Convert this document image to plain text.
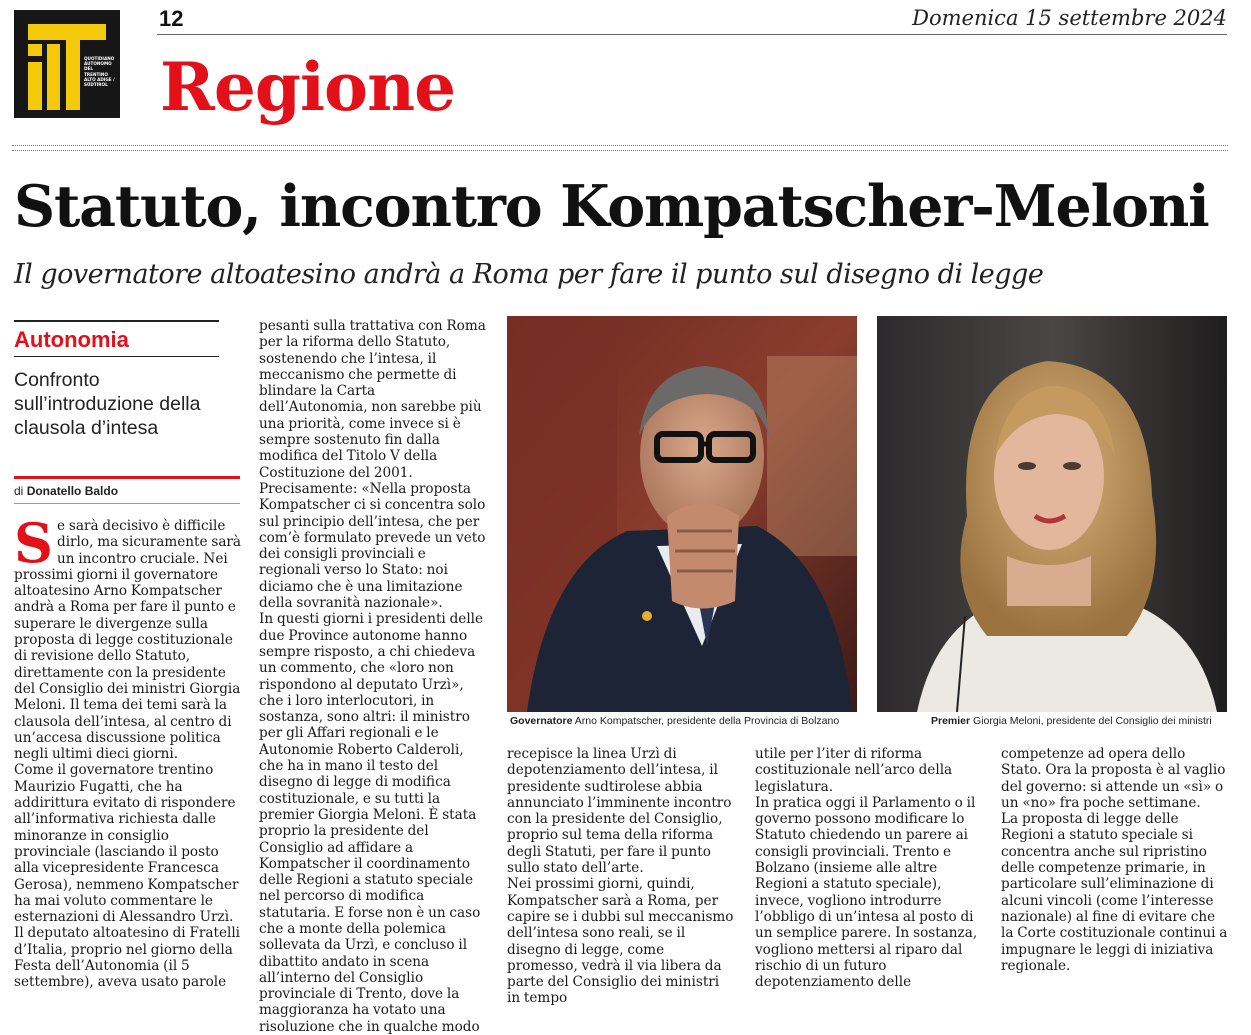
QUOTIDIANO AUTONOMO DEL TRENTINO ALTO ADIGE / SÜDTIROL
12	Domenica 15 settembre 2024
Regione
Statuto, incontro Kompatscher-Meloni
Il governatore altoatesino andrà a Roma per fare il punto sul disegno di legge
Autonomia
Confronto sull’introduzione della clausola d’intesa
di Donatello Baldo

Se sarà decisivo è difficile dirlo, ma sicuramente sarà un incontro cruciale. Nei prossimi giorni il governatore altoatesino Arno Kompatscher andrà a Roma per fare il punto e superare le divergenze sulla proposta di legge costituzionale di revisione dello Statuto, direttamente con la presidente del Consiglio dei ministri Giorgia Meloni. Il tema dei temi sarà la clausola dell’intesa, al centro di un’accesa discussione politica negli ultimi dieci giorni.

Come il governatore trentino Maurizio Fugatti, che ha addirittura evitato di rispondere all’informativa richiesta dalle minoranze in consiglio provinciale (lasciando il posto alla vicepresidente Francesca Gerosa), nemmeno Kompatscher ha mai voluto commentare le esternazioni di Alessandro Urzì. Il deputato altoatesino di Fratelli d’Italia, proprio nel giorno della Festa dell’Autonomia (il 5 settembre), aveva usato parole

pesanti sulla trattativa con Roma per la riforma dello Statuto, sostenendo che l’intesa, il meccanismo che permette di blindare la Carta dell’Autonomia, non sarebbe più una priorità, come invece si è sempre sostenuto fin dalla modifica del Titolo V della Costituzione del 2001. Precisamente: «Nella proposta Kompatscher ci si concentra solo sul principio dell’intesa, che per com’è formulato prevede un veto dei consigli provinciali e regionali verso lo Stato: noi diciamo che è una limitazione della sovranità nazionale».

In questi giorni i presidenti delle due Province autonome hanno sempre risposto, a chi chiedeva un commento, che «loro non rispondono al deputato Urzì», che i loro interlocutori, in sostanza, sono altri: il ministro per gli Affari regionali e le Autonomie Roberto Calderoli, che ha in mano il testo del disegno di legge di modifica costituzionale, e su tutti la premier Giorgia Meloni. È stata proprio la presidente del Consiglio ad affidare a Kompatscher il coordinamento delle Regioni a statuto speciale nel percorso di modifica statutaria. E forse non è un caso che a monte della polemica sollevata da Urzì, e concluso il dibattito andato in scena all’interno del Consiglio provinciale di Trento, dove la maggioranza ha votato una risoluzione che in qualche modo

Governatore Arno Kompatscher, presidente della Provincia di Bolzano	Premier Giorgia Meloni, presidente del Consiglio dei ministri

recepisce la linea Urzì di depotenziamento dell’intesa, il presidente sudtirolese abbia annunciato l’imminente incontro con la presidente del Consiglio, proprio sul tema della riforma degli Statuti, per fare il punto sullo stato dell’arte.

Nei prossimi giorni, quindi, Kompatscher sarà a Roma, per capire se i dubbi sul meccanismo dell’intesa sono reali, se il disegno di legge, come promesso, vedrà il via libera da parte del Consiglio dei ministri in tempo

utile per l’iter di riforma costituzionale nell’arco della legislatura.

In pratica oggi il Parlamento o il governo possono modificare lo Statuto chiedendo un parere ai consigli provinciali. Trento e Bolzano (insieme alle altre Regioni a statuto speciale), invece, vogliono introdurre l’obbligo di un’intesa al posto di un semplice parere. In sostanza, vogliono mettersi al riparo dal rischio di un futuro depotenziamento delle

competenze ad opera dello Stato. Ora la proposta è al vaglio del governo: si attende un «sì» o un «no» fra poche settimane.

La proposta di legge delle Regioni a statuto speciale si concentra anche sul ripristino delle competenze primarie, in particolare sull’eliminazione di alcuni vincoli (come l’interesse nazionale) al fine di evitare che la Corte costituzionale continui a impugnare le leggi di iniziativa regionale.
